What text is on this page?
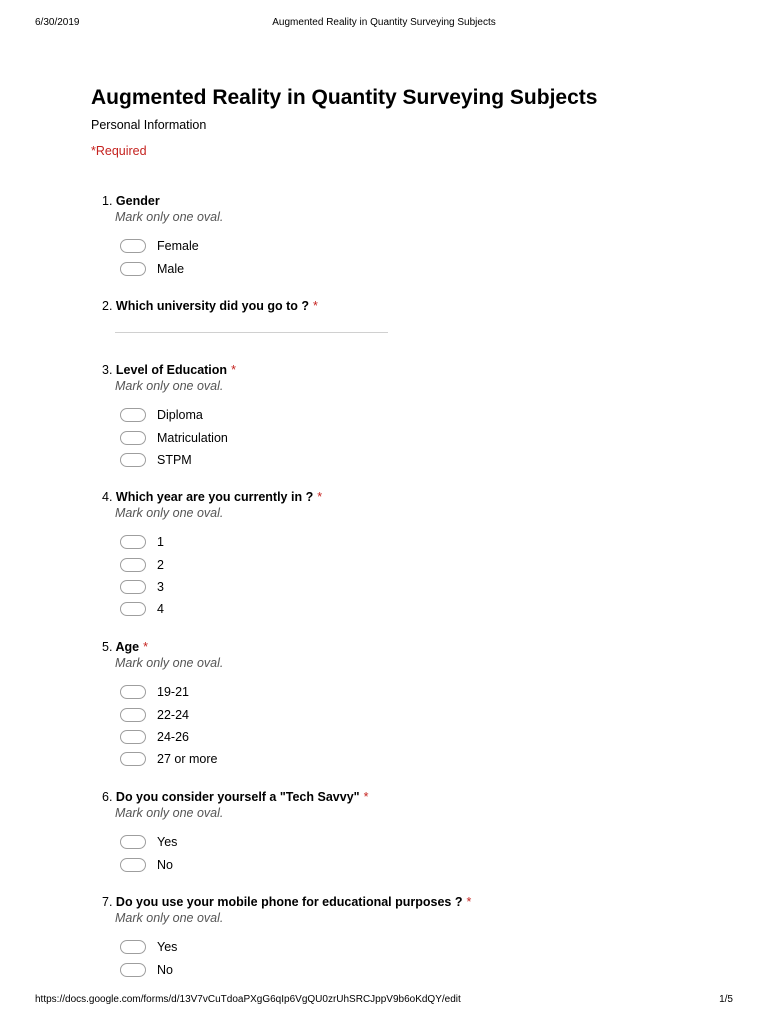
6/30/2019	Augmented Reality in Quantity Surveying Subjects
Augmented Reality in Quantity Surveying Subjects
Personal Information
*Required
1. Gender
Mark only one oval.
Female
Male
2. Which university did you go to ? *
3. Level of Education *
Mark only one oval.
Diploma
Matriculation
STPM
4. Which year are you currently in ? *
Mark only one oval.
1
2
3
4
5. Age *
Mark only one oval.
19-21
22-24
24-26
27 or more
6. Do you consider yourself a "Tech Savvy" *
Mark only one oval.
Yes
No
7. Do you use your mobile phone for educational purposes ? *
Mark only one oval.
Yes
No
https://docs.google.com/forms/d/13V7vCuTdoaPXgG6qIp6VgQU0zrUhSRCJppV9b6oKdQY/edit	1/5
